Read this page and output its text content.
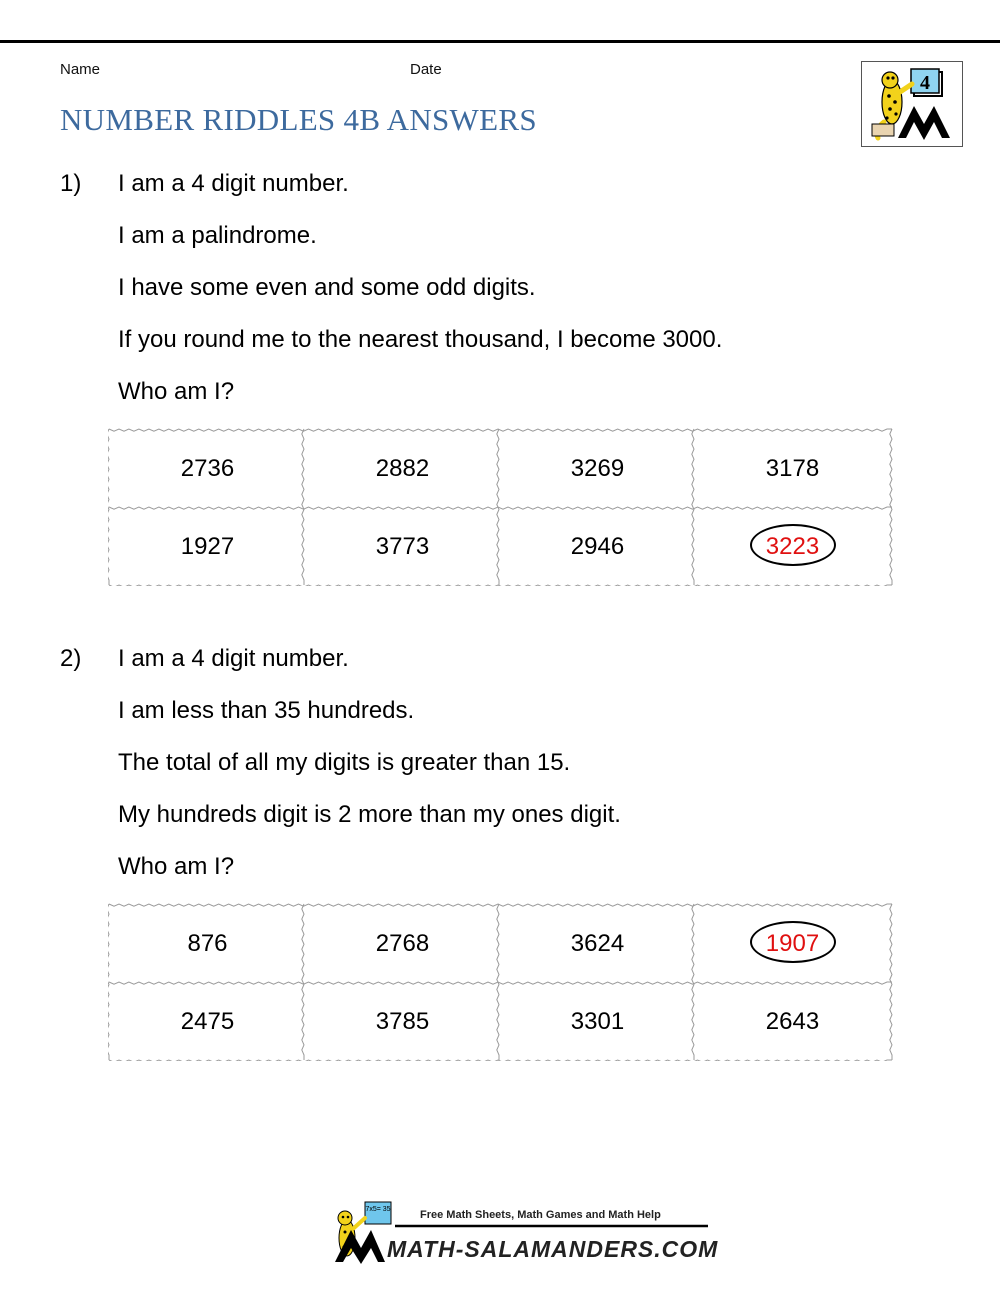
Name	Date
NUMBER RIDDLES 4B ANSWERS
4
1) I am a 4 digit number.
I am a palindrome.
I have some even and some odd digits.
If you round me to the nearest thousand, I become 3000.
Who am I?
2736	2882	3269	3178
1927	3773	2946	3223
2) I am a 4 digit number.
I am less than 35 hundreds.
The total of all my digits is greater than 15.
My hundreds digit is 2 more than my ones digit.
Who am I?
876	2768	3624	1907
2475	3785	3301	2643
7x5= 35	Free Math Sheets, Math Games and Math Help
MATH-SALAMANDERS.COM
